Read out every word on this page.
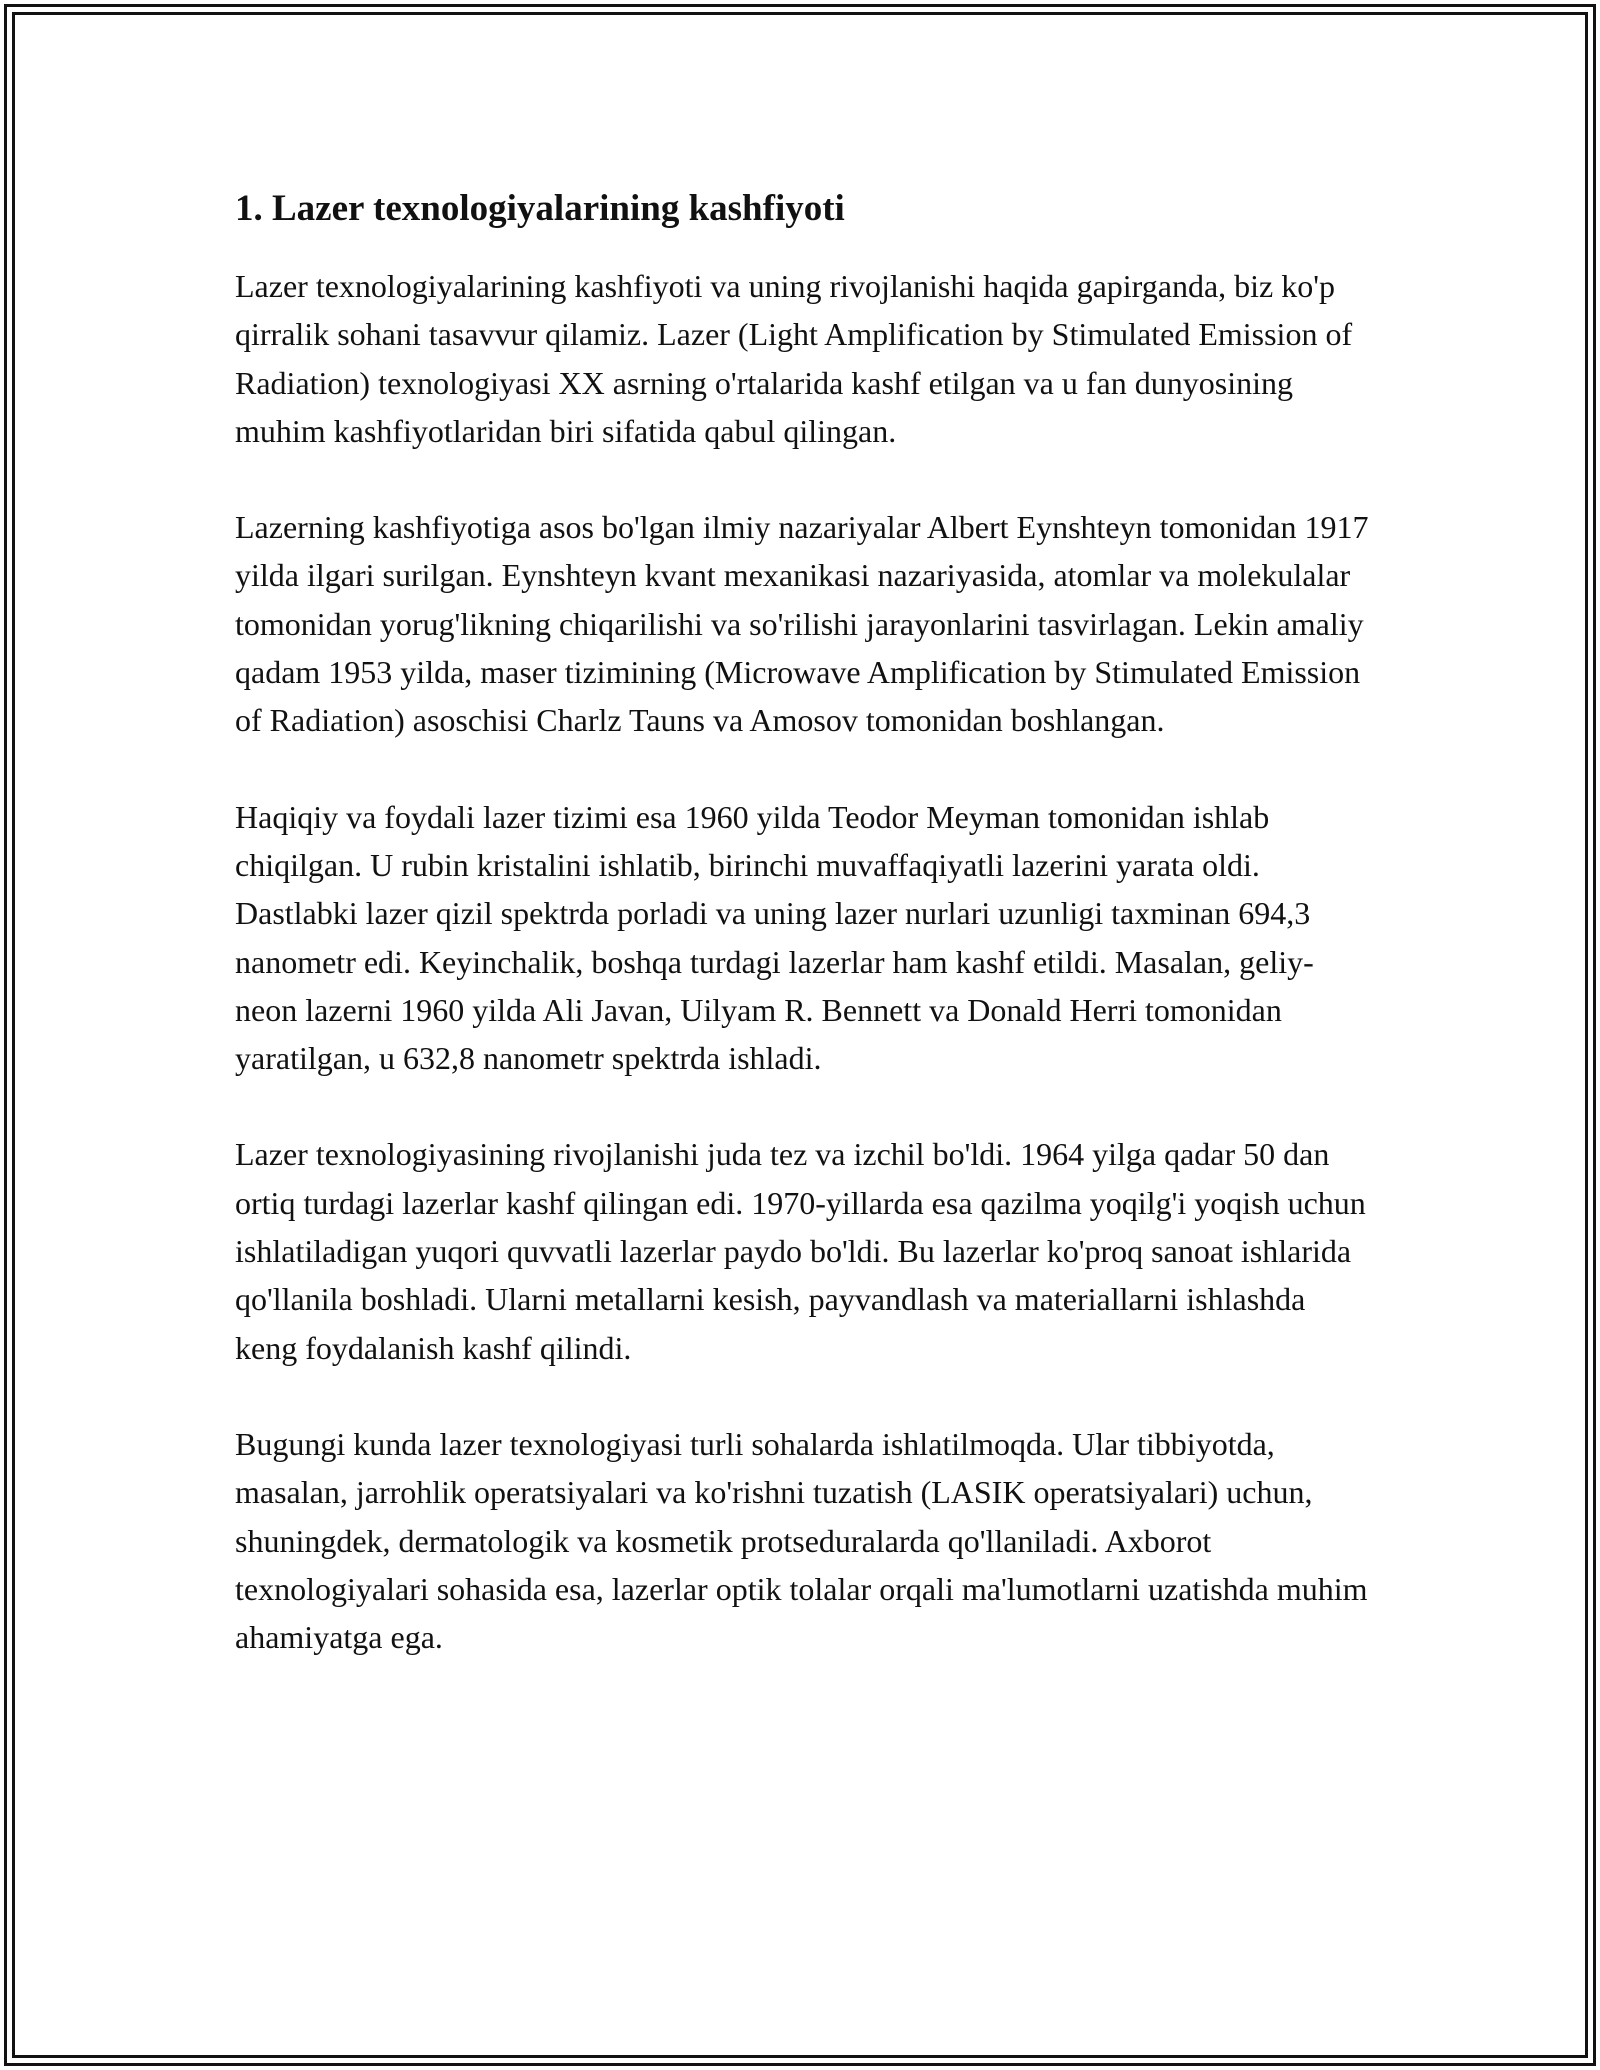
1. Lazer texnologiyalarining kashfiyoti

Lazer texnologiyalarining kashfiyoti va uning rivojlanishi haqida gapirganda, biz ko'p qirralik sohani tasavvur qilamiz. Lazer (Light Amplification by Stimulated Emission of Radiation) texnologiyasi XX asrning o'rtalarida kashf etilgan va u fan dunyosining muhim kashfiyotlaridan biri sifatida qabul qilingan.

Lazerning kashfiyotiga asos bo'lgan ilmiy nazariyalar Albert Eynshteyn tomonidan 1917 yilda ilgari surilgan. Eynshteyn kvant mexanikasi nazariyasida, atomlar va molekulalar tomonidan yorug'likning chiqarilishi va so'rilishi jarayonlarini tasvirlagan. Lekin amaliy qadam 1953 yilda, maser tizimining (Microwave Amplification by Stimulated Emission of Radiation) asoschisi Charlz Tauns va Amosov tomonidan boshlangan.

Haqiqiy va foydali lazer tizimi esa 1960 yilda Teodor Meyman tomonidan ishlab chiqilgan. U rubin kristalini ishlatib, birinchi muvaffaqiyatli lazerini yarata oldi. Dastlabki lazer qizil spektrda porladi va uning lazer nurlari uzunligi taxminan 694,3 nanometr edi. Keyinchalik, boshqa turdagi lazerlar ham kashf etildi. Masalan, geliy-neon lazerni 1960 yilda Ali Javan, Uilyam R. Bennett va Donald Herri tomonidan yaratilgan, u 632,8 nanometr spektrda ishladi.

Lazer texnologiyasining rivojlanishi juda tez va izchil bo'ldi. 1964 yilga qadar 50 dan ortiq turdagi lazerlar kashf qilingan edi. 1970-yillarda esa qazilma yoqilg'i yoqish uchun ishlatiladigan yuqori quvvatli lazerlar paydo bo'ldi. Bu lazerlar ko'proq sanoat ishlarida qo'llanila boshladi. Ularni metallarni kesish, payvandlash va materiallarni ishlashda keng foydalanish kashf qilindi.

Bugungi kunda lazer texnologiyasi turli sohalarda ishlatilmoqda. Ular tibbiyotda, masalan, jarrohlik operatsiyalari va ko'rishni tuzatish (LASIK operatsiyalari) uchun, shuningdek, dermatologik va kosmetik protseduralarda qo'llaniladi. Axborot texnologiyalari sohasida esa, lazerlar optik tolalar orqali ma'lumotlarni uzatishda muhim ahamiyatga ega.
